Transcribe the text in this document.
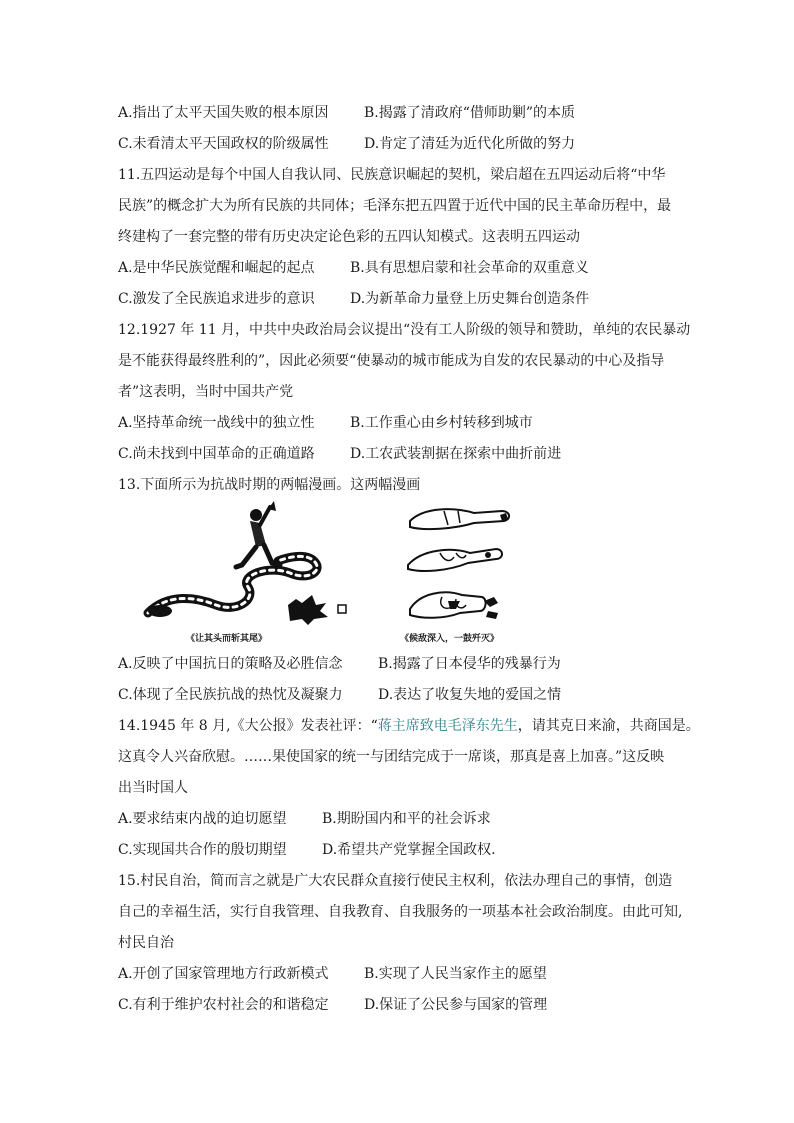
A.指出了太平天国失败的根本原因	B.揭露了清政府“借师助剿”的本质
C.未看清太平天国政权的阶级属性	D.肯定了清廷为近代化所做的努力
11.五四运动是每个中国人自我认同、民族意识崛起的契机，梁启超在五四运动后将“中华
民族”的概念扩大为所有民族的共同体；毛泽东把五四置于近代中国的民主革命历程中，最
终建构了一套完整的带有历史决定论色彩的五四认知模式。这表明五四运动
A.是中华民族觉醒和崛起的起点	B.具有思想启蒙和社会革命的双重意义
C.激发了全民族追求进步的意识	D.为新革命力量登上历史舞台创造条件
12.1927 年 11 月，中共中央政治局会议提出“没有工人阶级的领导和赞助，单纯的农民暴动
是不能获得最终胜利的”，因此必须要“使暴动的城市能成为自发的农民暴动的中心及指导
者”这表明，当时中国共产党
A.坚持革命统一战线中的独立性	B.工作重心由乡村转移到城市
C.尚未找到中国革命的正确道路	D.工农武装割据在探索中曲折前进
13.下面所示为抗战时期的两幅漫画。这两幅漫画
《让其头而斩其尾》	《候敌深入，一鼓歼灭》
A.反映了中国抗日的策略及必胜信念	B.揭露了日本侵华的残暴行为
C.体现了全民族抗战的热忱及凝聚力	D.表达了收复失地的爱国之情
14.1945 年 8 月,《大公报》发表社评：“蒋主席致电毛泽东先生，请其克日来渝，共商国是。
这真令人兴奋欣慰。……果使国家的统一与团结完成于一席谈，那真是喜上加喜。”这反映
出当时国人
A.要求结束内战的迫切愿望	B.期盼国内和平的社会诉求
C.实现国共合作的殷切期望	D.希望共产党掌握全国政权.
15.村民自治，简而言之就是广大农民群众直接行使民主权利，依法办理自己的事情，创造
自己的幸福生活，实行自我管理、自我教育、自我服务的一项基本社会政治制度。由此可知,
村民自治
A.开创了国家管理地方行政新模式	B.实现了人民当家作主的愿望
C.有利于维护农村社会的和谐稳定	D.保证了公民参与国家的管理
